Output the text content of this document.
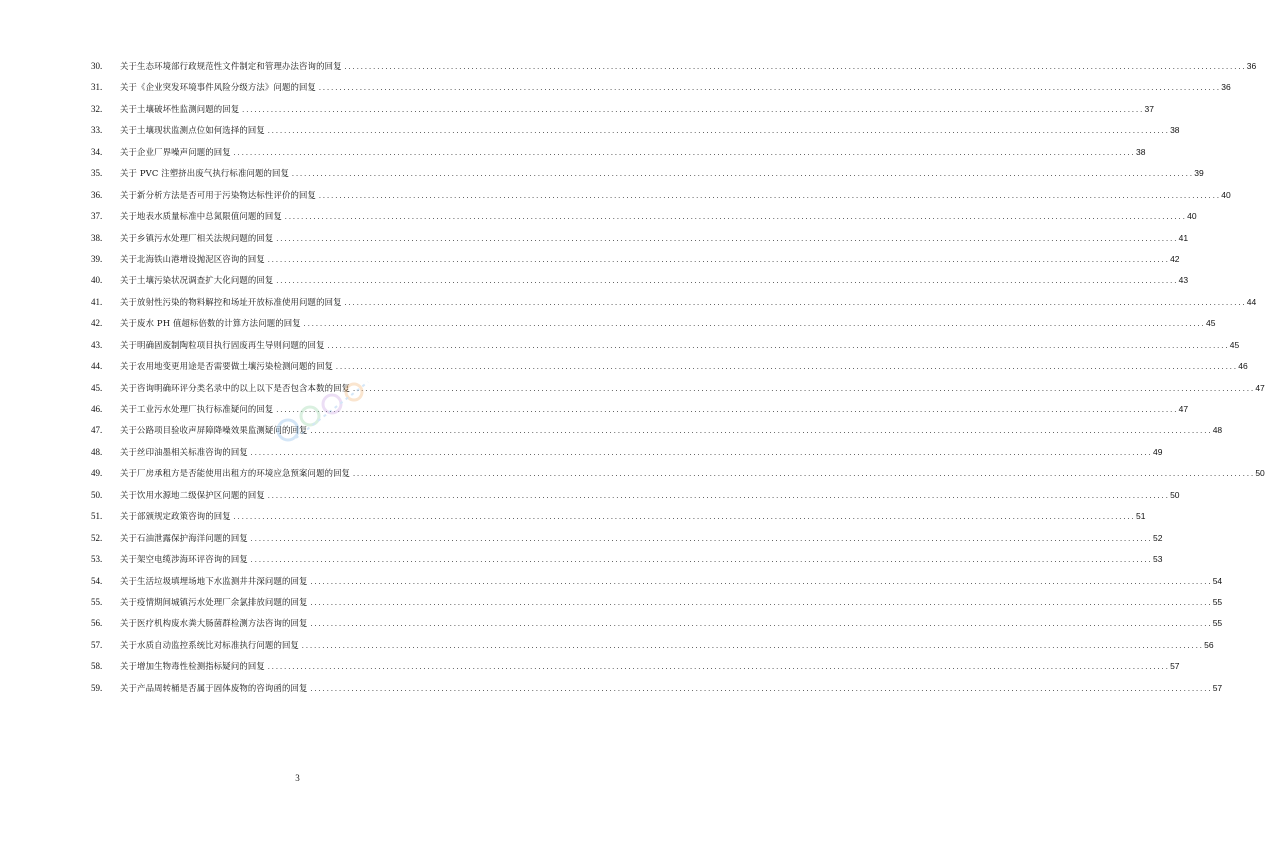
30.	关于生态环境部行政规范性文件制定和管理办法咨询的回复 ............................................................................................................................................................................................................................ 36
31.	关于《企业突发环境事件风险分级方法》问题的回复 ............................................................................................................................................................................................................................ 36
32.	关于土壤破坏性监测问题的回复 ............................................................................................................................................................................................................................ 37
33.	关于土壤现状监测点位如何选择的回复 ............................................................................................................................................................................................................................ 38
34.	关于企业厂界噪声问题的回复 ............................................................................................................................................................................................................................ 38
35.	关于 PVC 注塑挤出废气执行标准问题的回复 ............................................................................................................................................................................................................................ 39
36.	关于新分析方法是否可用于污染物达标性评价的回复 ............................................................................................................................................................................................................................ 40
37.	关于地表水质量标准中总氮限值问题的回复 ............................................................................................................................................................................................................................ 40
38.	关于乡镇污水处理厂相关法规问题的回复 ............................................................................................................................................................................................................................ 41
39.	关于北海铁山港增设抛泥区咨询的回复 ............................................................................................................................................................................................................................ 42
40.	关于土壤污染状况调查扩大化问题的回复 ............................................................................................................................................................................................................................ 43
41.	关于放射性污染的物料解控和场址开放标准使用问题的回复 ............................................................................................................................................................................................................................ 44
42.	关于废水 PH 值超标倍数的计算方法问题的回复 ............................................................................................................................................................................................................................ 45
43.	关于明确固废制陶粒项目执行固废再生导则问题的回复 ............................................................................................................................................................................................................................ 45
44.	关于农用地变更用途是否需要做土壤污染检测问题的回复 ............................................................................................................................................................................................................................ 46
45.	关于咨询明确环评分类名录中的以上以下是否包含本数的回复 ............................................................................................................................................................................................................................ 47
46.	关于工业污水处理厂执行标准疑问的回复 ............................................................................................................................................................................................................................ 47
47.	关于公路项目验收声屏障降噪效果监测疑问的回复 ............................................................................................................................................................................................................................ 48
48.	关于丝印油墨相关标准咨询的回复 ............................................................................................................................................................................................................................ 49
49.	关于厂房承租方是否能使用出租方的环境应急预案问题的回复 ............................................................................................................................................................................................................................ 50
50.	关于饮用水源地二级保护区问题的回复 ............................................................................................................................................................................................................................ 50
51.	关于部颁规定政策咨询的回复 ............................................................................................................................................................................................................................ 51
52.	关于石油泄露保护海洋问题的回复 ............................................................................................................................................................................................................................ 52
53.	关于架空电缆涉海环评咨询的回复 ............................................................................................................................................................................................................................ 53
54.	关于生活垃圾填埋场地下水监测井井深问题的回复 ............................................................................................................................................................................................................................ 54
55.	关于疫情期间城镇污水处理厂余氯排放问题的回复 ............................................................................................................................................................................................................................ 55
56.	关于医疗机构废水粪大肠菌群检测方法咨询的回复 ............................................................................................................................................................................................................................ 55
57.	关于水质自动监控系统比对标准执行问题的回复 ............................................................................................................................................................................................................................ 56
58.	关于增加生物毒性检测指标疑问的回复 ............................................................................................................................................................................................................................ 57
59.	关于产品周转桶是否属于固体废物的咨询函的回复 ............................................................................................................................................................................................................................ 57
3
